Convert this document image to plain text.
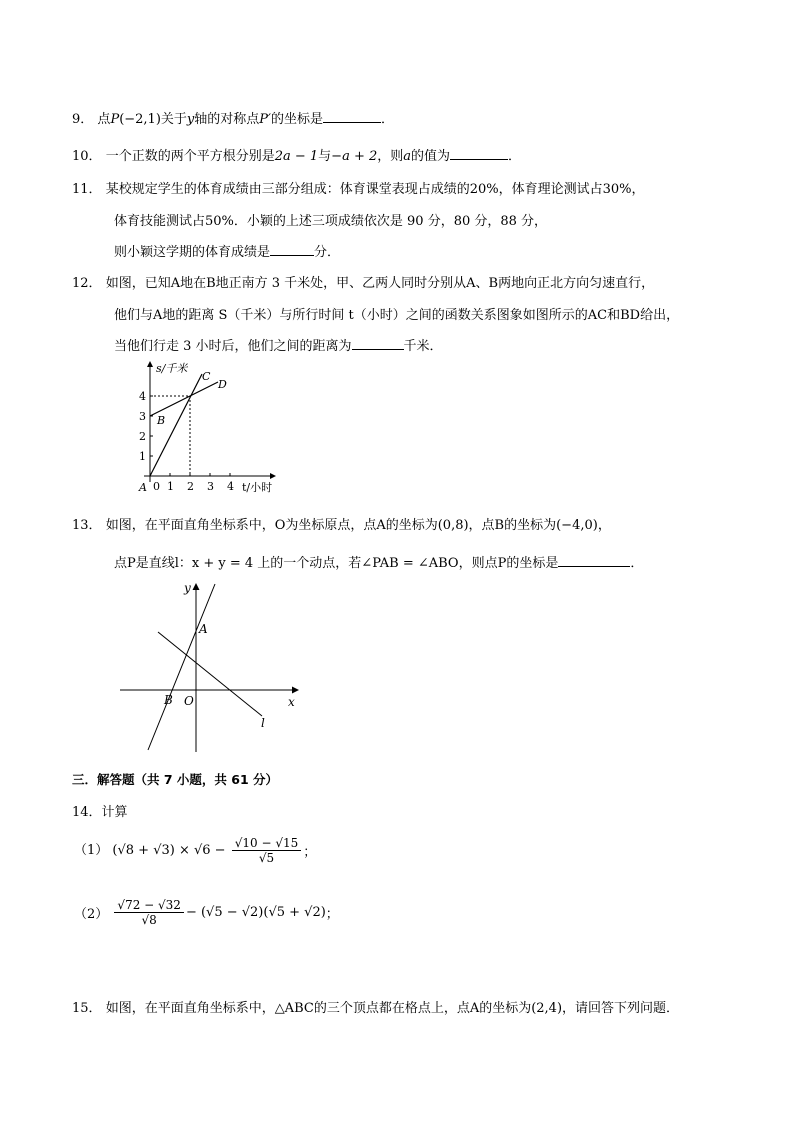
9． 点P(−2,1)关于y轴的对称点P′的坐标是	．
10． 一个正数的两个平方根分别是2a − 1与−a + 2，则a的值为	．
11． 某校规定学生的体育成绩由三部分组成：体育课堂表现占成绩的20%，体育理论测试占30%，
体育技能测试占50%．小颖的上述三项成绩依次是 90 分，80 分，88 分，
则小颖这学期的体育成绩是	分．
12． 如图，已知A地在B地正南方 3 千米处，甲、乙两人同时分别从A、B两地向正北方向匀速直行，
他们与A地的距离 S（千米）与所行时间 t（小时）之间的函数关系图象如图所示的AC和BD给出，
当他们行走 3 小时后，他们之间的距离为	千米．
s/千米
t/小时
4
3
2
1
0 1 2 3 4
A
B
C
D
13． 如图，在平面直角坐标系中，O为坐标原点，点A的坐标为(0,8)，点B的坐标为(−4,0)，
点P是直线l：x + y = 4 上的一个动点，若∠PAB = ∠ABO，则点P的坐标是	．
y
x
A
B O
l
三．解答题（共 7 小题，共 61 分）
14．计算
（1） $(√8 + √3) \times √6 - \frac{√10 - √15}{√5}$ ；
$(2) \frac{√72 - √32}{√8} - (√5 - √2)(√5 + √2)$；
15． 如图，在平面直角坐标系中，△ABC的三个顶点都在格点上，点A的坐标为(2,4)，请回答下列问题．
